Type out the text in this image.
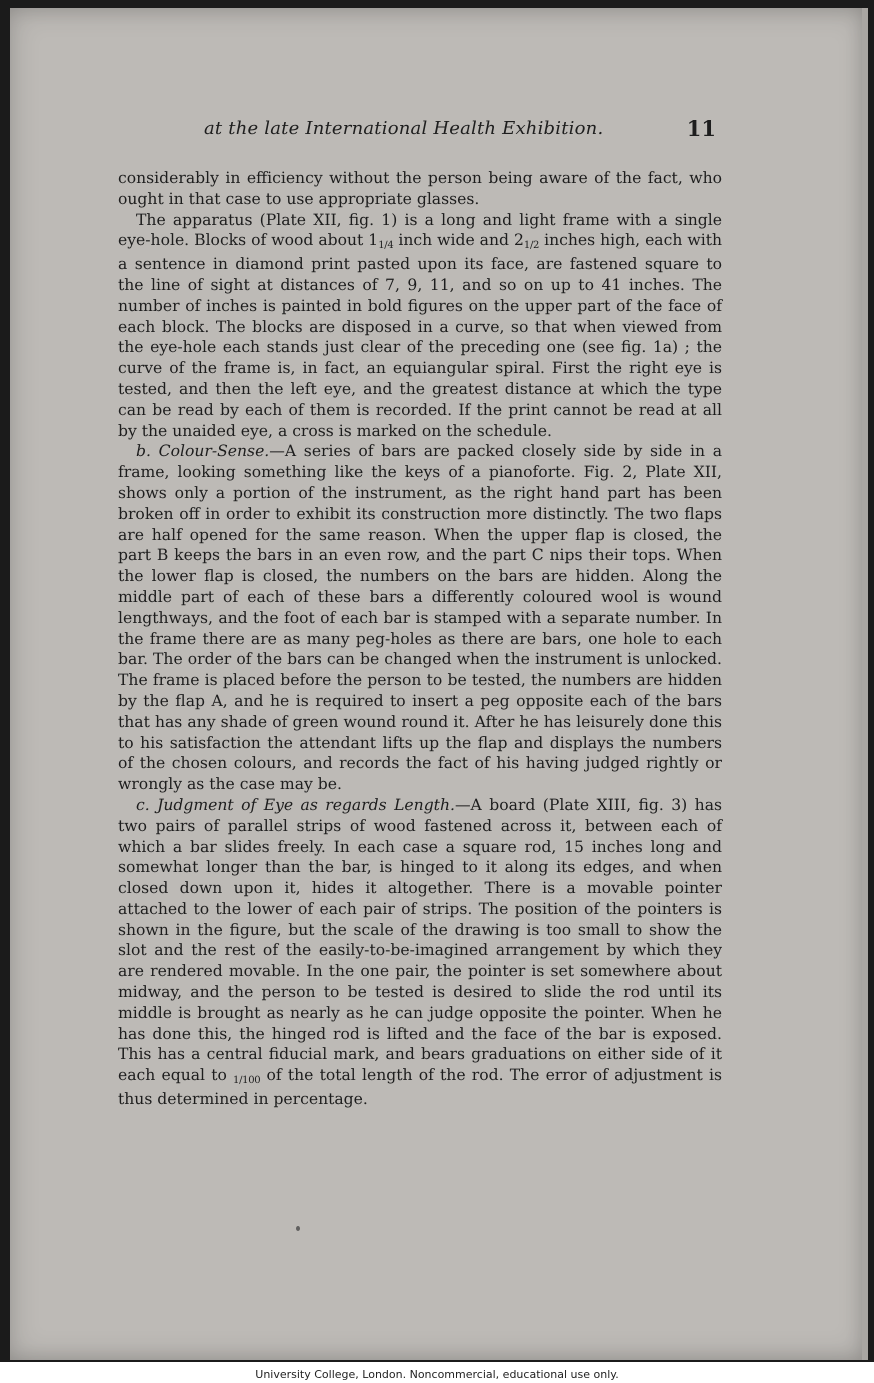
at the late International Health Exhibition.	11

considerably in efficiency without the person being aware of the fact, who ought in that case to use appropriate glasses.

The apparatus (Plate XII, fig. 1) is a long and light frame with a single eye-hole. Blocks of wood about 11/4 inch wide and 21/2 inches high, each with a sentence in diamond print pasted upon its face, are fastened square to the line of sight at distances of 7, 9, 11, and so on up to 41 inches. The number of inches is painted in bold figures on the upper part of the face of each block. The blocks are disposed in a curve, so that when viewed from the eye-hole each stands just clear of the preceding one (see fig. 1a) ; the curve of the frame is, in fact, an equiangular spiral. First the right eye is tested, and then the left eye, and the greatest distance at which the type can be read by each of them is recorded. If the print cannot be read at all by the unaided eye, a cross is marked on the schedule.

b. Colour-Sense.—A series of bars are packed closely side by side in a frame, looking something like the keys of a pianoforte. Fig. 2, Plate XII, shows only a portion of the instrument, as the right hand part has been broken off in order to exhibit its construction more distinctly. The two flaps are half opened for the same reason. When the upper flap is closed, the part B keeps the bars in an even row, and the part C nips their tops. When the lower flap is closed, the numbers on the bars are hidden. Along the middle part of each of these bars a differently coloured wool is wound lengthways, and the foot of each bar is stamped with a separate number. In the frame there are as many peg-holes as there are bars, one hole to each bar. The order of the bars can be changed when the instrument is unlocked. The frame is placed before the person to be tested, the numbers are hidden by the flap A, and he is required to insert a peg opposite each of the bars that has any shade of green wound round it. After he has leisurely done this to his satisfaction the attendant lifts up the flap and displays the numbers of the chosen colours, and records the fact of his having judged rightly or wrongly as the case may be.

c. Judgment of Eye as regards Length.—A board (Plate XIII, fig. 3) has two pairs of parallel strips of wood fastened across it, between each of which a bar slides freely. In each case a square rod, 15 inches long and somewhat longer than the bar, is hinged to it along its edges, and when closed down upon it, hides it altogether. There is a movable pointer attached to the lower of each pair of strips. The position of the pointers is shown in the figure, but the scale of the drawing is too small to show the slot and the rest of the easily-to-be-imagined arrangement by which they are rendered movable. In the one pair, the pointer is set somewhere about midway, and the person to be tested is desired to slide the rod until its middle is brought as nearly as he can judge opposite the pointer. When he has done this, the hinged rod is lifted and the face of the bar is exposed. This has a central fiducial mark, and bears graduations on either side of it each equal to 1/100 of the total length of the rod. The error of adjustment is thus determined in percentage.

University College, London. Noncommercial, educational use only.
